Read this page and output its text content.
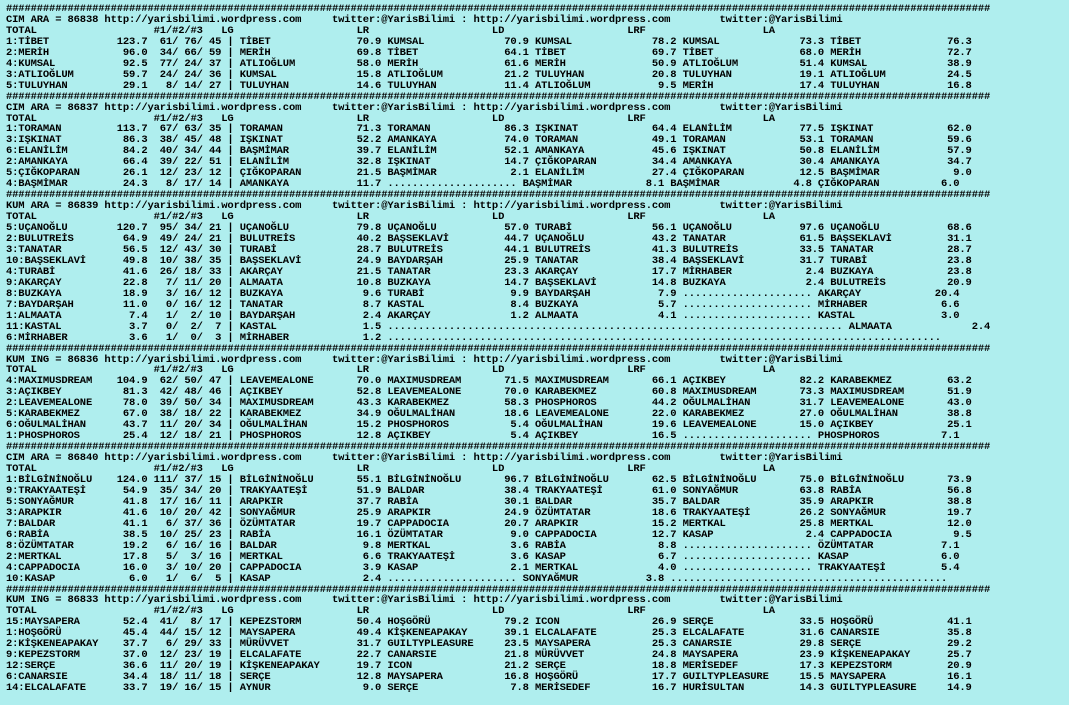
################################################################################################################################################################
CIM ARA = 86838 http://yarisbilimi.wordpress.com     twitter:@YarisBilimi : http://yarisbilimi.wordpress.com        twitter:@YarisBilimi
TOTAL                   #1/#2/#3   LG                    LR                    LD                    LRF                   LA
1:TİBET           123.7  61/ 76/ 45 | TİBET              70.9 KUMSAL             70.9 KUMSAL             78.2 KUMSAL             73.3 TİBET              76.3
2:MERİH            96.0  34/ 66/ 59 | MERİH              69.8 TİBET              64.1 TİBET              69.7 TİBET              68.0 MERİH              72.7
4:KUMSAL           92.5  77/ 24/ 37 | ATLIOĞLUM          58.0 MERİH              61.6 MERİH              50.9 ATLIOĞLUM          51.4 KUMSAL             38.9
3:ATLIOĞLUM        59.7  24/ 24/ 36 | KUMSAL             15.8 ATLIOĞLUM          21.2 TULUYHAN           20.8 TULUYHAN           19.1 ATLIOĞLUM          24.5
5:TULUYHAN         29.1   8/ 14/ 27 | TULUYHAN           14.6 TULUYHAN           11.4 ATLIOĞLUM           9.5 MERİH              17.4 TULUYHAN           16.8
################################################################################################################################################################
CIM ARA = 86837 http://yarisbilimi.wordpress.com     twitter:@YarisBilimi : http://yarisbilimi.wordpress.com        twitter:@YarisBilimi
TOTAL                   #1/#2/#3   LG                    LR                    LD                    LRF                   LA
1:TORAMAN         113.7  67/ 63/ 35 | TORAMAN            71.3 TORAMAN            86.3 IŞKINAT            64.4 ELANİLİM           77.5 IŞKINAT            62.0
3:IŞKINAT          86.3  38/ 45/ 48 | IŞKINAT            52.2 AMANKAYA           74.0 TORAMAN            49.1 TORAMAN            53.1 TORAMAN            59.6
6:ELANİLİM         84.2  40/ 34/ 44 | BAŞMİMAR           39.7 ELANİLİM           52.1 AMANKAYA           45.6 IŞKINAT            50.8 ELANİLİM           57.9
2:AMANKAYA         66.4  39/ 22/ 51 | ELANİLİM           32.8 IŞKINAT            14.7 ÇIĞKOPARAN         34.4 AMANKAYA           30.4 AMANKAYA           34.7
5:ÇIĞKOPARAN       26.1  12/ 23/ 12 | ÇIĞKOPARAN         21.5 BAŞMİMAR            2.1 ELANİLİM           27.4 ÇIĞKOPARAN         12.5 BAŞMİMAR            9.0
4:BAŞMİMAR         24.3   8/ 17/ 14 | AMANKAYA           11.7 ..................... BAŞMİMAR            8.1 BAŞMİMAR            4.8 ÇIĞKOPARAN          6.0
################################################################################################################################################################
KUM ARA = 86839 http://yarisbilimi.wordpress.com     twitter:@YarisBilimi : http://yarisbilimi.wordpress.com        twitter:@YarisBilimi
TOTAL                   #1/#2/#3   LG                    LR                    LD                    LRF                   LA
5:UÇANOĞLU        120.7  95/ 34/ 21 | UÇANOĞLU           79.8 UÇANOĞLU           57.0 TURABİ             56.1 UÇANOĞLU           97.6 UÇANOĞLU           68.6
2:BULUTREİS        64.9  49/ 24/ 21 | BULUTREİS          40.2 BAŞSEKLAVİ         44.7 UÇANOĞLU           43.2 TANATAR            61.5 BAŞSEKLAVİ         31.1
3:TANATAR          56.5  12/ 43/ 30 | TURABİ             28.7 BULUTREİS          44.1 BULUTREİS          41.3 BULUTREİS          33.5 TANATAR            28.7
10:BAŞSEKLAVİ      49.8  10/ 38/ 35 | BAŞSEKLAVİ         24.9 BAYDARŞAH          25.9 TANATAR            38.4 BAŞSEKLAVİ         31.7 TURABİ             23.8
4:TURABİ           41.6  26/ 18/ 33 | AKARÇAY            21.5 TANATAR            23.3 AKARÇAY            17.7 MİRHABER            2.4 BUZKAYA            23.8
9:AKARÇAY          22.8   7/ 11/ 20 | ALMAATA            10.8 BUZKAYA            14.7 BAŞSEKLAVİ         14.8 BUZKAYA             2.4 BULUTREİS          20.9
8:BUZKAYA          18.9   3/ 16/ 12 | BUZKAYA             9.6 TURABİ              9.9 BAYDARŞAH           7.9 ..................... AKARÇAY            20.4
7:BAYDARŞAH        11.0   0/ 16/ 12 | TANATAR             8.7 KASTAL              8.4 BUZKAYA             5.7 ..................... MİRHABER            6.6
1:ALMAATA           7.4   1/  2/ 10 | BAYDARŞAH           2.4 AKARÇAY             1.2 ALMAATA             4.1 ..................... KASTAL              3.0
11:KASTAL           3.7   0/  2/  7 | KASTAL              1.5 .......................................................................... ALMAATA             2.4
6:MİRHABER          3.6   1/  0/  3 | MİRHABER            1.2 ..........................................................................................
################################################################################################################################################################
KUM ING = 86836 http://yarisbilimi.wordpress.com     twitter:@YarisBilimi : http://yarisbilimi.wordpress.com        twitter:@YarisBilimi
TOTAL                   #1/#2/#3   LG                    LR                    LD                    LRF                   LA
4:MAXIMUSDREAM    104.9  62/ 50/ 47 | LEAVEMEALONE       70.0 MAXIMUSDREAM       71.5 MAXIMUSDREAM       66.1 AÇIKBEY            82.2 KARABEKMEZ         63.2
3:AÇIKBEY          81.3  42/ 48/ 46 | AÇIKBEY            52.8 LEAVEMEALONE       70.0 KARABEKMEZ         60.8 MAXIMUSDREAM       73.3 MAXIMUSDREAM       51.9
2:LEAVEMEALONE     78.0  39/ 50/ 34 | MAXIMUSDREAM       43.3 KARABEKMEZ         58.3 PHOSPHOROS         44.2 OĞULMALİHAN        31.7 LEAVEMEALONE       43.0
5:KARABEKMEZ       67.0  38/ 18/ 22 | KARABEKMEZ         34.9 OĞULMALİHAN        18.6 LEAVEMEALONE       22.0 KARABEKMEZ         27.0 OĞULMALİHAN        38.8
6:OĞULMALİHAN      43.7  11/ 20/ 34 | OĞULMALİHAN        15.2 PHOSPHOROS          5.4 OĞULMALİHAN        19.6 LEAVEMEALONE       15.0 AÇIKBEY            25.1
1:PHOSPHOROS       25.4  12/ 18/ 21 | PHOSPHOROS         12.8 AÇIKBEY             5.4 AÇIKBEY            16.5 ..................... PHOSPHOROS          7.1
################################################################################################################################################################
CIM ARA = 86840 http://yarisbilimi.wordpress.com     twitter:@YarisBilimi : http://yarisbilimi.wordpress.com        twitter:@YarisBilimi
TOTAL                   #1/#2/#3   LG                    LR                    LD                    LRF                   LA
1:BİLGİNİNOĞLU    124.0 111/ 37/ 15 | BİLGİNİNOĞLU       55.1 BİLGİNİNOĞLU       96.7 BİLGİNİNOĞLU       62.5 BİLGİNİNOĞLU       75.0 BİLGİNİNOĞLU       73.9
9:TRAKYAATEŞİ      54.9  35/ 34/ 20 | TRAKYAATEŞİ        51.9 BALDAR             38.4 TRAKYAATEŞİ        61.0 SONYAĞMUR          63.8 RABİA              56.8
5:SONYAĞMUR        41.8  17/ 16/ 11 | ARAPKIR            37.7 RABİA              30.1 BALDAR             35.7 BALDAR             35.9 ARAPKIR            38.8
3:ARAPKIR          41.6  10/ 20/ 42 | SONYAĞMUR          25.9 ARAPKIR            24.9 ÖZÜMTATAR          18.6 TRAKYAATEŞİ        26.2 SONYAĞMUR          19.7
7:BALDAR           41.1   6/ 37/ 36 | ÖZÜMTATAR          19.7 CAPPADOCIA         20.7 ARAPKIR            15.2 MERTKAL            25.8 MERTKAL            12.0
6:RABİA            38.5  10/ 25/ 23 | RABİA              16.1 ÖZÜMTATAR           9.0 CAPPADOCIA         12.7 KASAP               2.4 CAPPADOCIA          9.5
8:ÖZÜMTATAR        19.2   6/ 16/ 16 | BALDAR              9.8 MERTKAL             3.6 RABİA               8.8 ..................... ÖZÜMTATAR           7.1
2:MERTKAL          17.8   5/  3/ 16 | MERTKAL             6.6 TRAKYAATEŞİ         3.6 KASAP               6.7 ..................... KASAP               6.0
4:CAPPADOCIA       16.0   3/ 10/ 20 | CAPPADOCIA          3.9 KASAP               2.1 MERTKAL             4.0 ..................... TRAKYAATEŞİ         5.4
10:KASAP            6.0   1/  6/  5 | KASAP               2.4 ..................... SONYAĞMUR           3.8 .............................................
################################################################################################################################################################
KUM ING = 86833 http://yarisbilimi.wordpress.com     twitter:@YarisBilimi : http://yarisbilimi.wordpress.com        twitter:@YarisBilimi
TOTAL                   #1/#2/#3   LG                    LR                    LD                    LRF                   LA
15:MAYSAPERA       52.4  41/  8/ 17 | KEPEZSTORM         50.4 HOŞGÖRÜ            79.2 ICON               26.9 SERÇE              33.5 HOŞGÖRÜ            41.1
1:HOŞGÖRÜ          45.4  44/ 15/ 12 | MAYSAPERA          49.4 KİŞKENEAPAKAY      39.1 ELCALAFATE         25.3 ELCALAFATE         31.6 CANARSIE           35.8
2:KİŞKENEAPAKAY    37.7   6/ 29/ 33 | MÜRÜVVET           31.7 GUILTYPLEASURE     23.5 MAYSAPERA          25.3 CANARSIE           29.8 SERÇE              29.2
9:KEPEZSTORM       37.0  12/ 23/ 19 | ELCALAFATE         22.7 CANARSIE           21.8 MÜRÜVVET           24.8 MAYSAPERA          23.9 KİŞKENEAPAKAY      25.7
12:SERÇE           36.6  11/ 20/ 19 | KİŞKENEAPAKAY      19.7 ICON               21.2 SERÇE              18.8 MERİSEDEF          17.3 KEPEZSTORM         20.9
6:CANARSIE         34.4  18/ 11/ 18 | SERÇE              12.8 MAYSAPERA          16.8 HOŞGÖRÜ            17.7 GUILTYPLEASURE     15.5 MAYSAPERA          16.1
14:ELCALAFATE      33.7  19/ 16/ 15 | AYNUR               9.0 SERÇE               7.8 MERİSEDEF          16.7 HURİSULTAN         14.3 GUILTYPLEASURE     14.9
